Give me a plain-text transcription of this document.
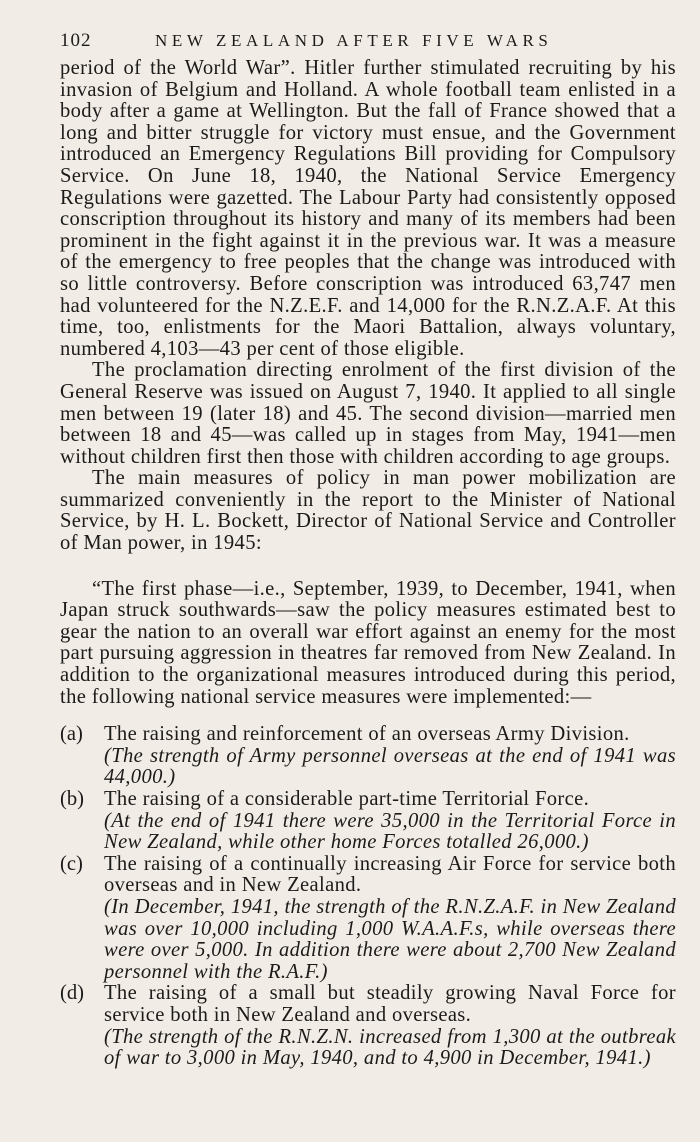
102	NEW ZEALAND AFTER FIVE WARS

period of the World War”. Hitler further stimulated recruiting by his invasion of Belgium and Holland. A whole football team enlisted in a body after a game at Wellington. But the fall of France showed that a long and bitter struggle for victory must ensue, and the Government introduced an Emergency Regulations Bill providing for Compulsory Service. On June 18, 1940, the National Service Emergency Regulations were gazetted. The Labour Party had consistently opposed conscription throughout its history and many of its members had been prominent in the fight against it in the previous war. It was a measure of the emergency to free peoples that the change was introduced with so little controversy. Before conscription was introduced 63,747 men had volunteered for the N.Z.E.F. and 14,000 for the R.N.Z.A.F. At this time, too, enlistments for the Maori Battalion, always voluntary, numbered 4,103—43 per cent of those eligible.

The proclamation directing enrolment of the first division of the General Reserve was issued on August 7, 1940. It applied to all single men between 19 (later 18) and 45. The second division—married men between 18 and 45—was called up in stages from May, 1941—men without children first then those with children according to age groups.

The main measures of policy in man power mobilization are summarized conveniently in the report to the Minister of National Service, by H. L. Bockett, Director of National Service and Controller of Man power, in 1945:

“The first phase—i.e., September, 1939, to December, 1941, when Japan struck southwards—saw the policy measures estimated best to gear the nation to an overall war effort against an enemy for the most part pursuing aggression in theatres far removed from New Zealand. In addition to the organizational measures introduced during this period, the following national service measures were implemented:—

(a)	The raising and reinforcement of an overseas Army Division.

(The strength of Army personnel overseas at the end of 1941 was 44,000.)

(b) The raising of a considerable part-time Territorial Force.

(At the end of 1941 there were 35,000 in the Territorial Force in New Zealand, while other home Forces totalled 26,000.)

(c)	The raising of a continually increasing Air Force for service both overseas and in New Zealand.

(In December, 1941, the strength of the R.N.Z.A.F. in New Zealand was over 10,000 including 1,000 W.A.A.F.s, while overseas there were over 5,000. In addition there were about 2,700 New Zealand personnel with the R.A.F.)

(d) The raising of a small but steadily growing Naval Force for service both in New Zealand and overseas.

(The strength of the R.N.Z.N. increased from 1,300 at the outbreak of war to 3,000 in May, 1940, and to 4,900 in December, 1941.)
